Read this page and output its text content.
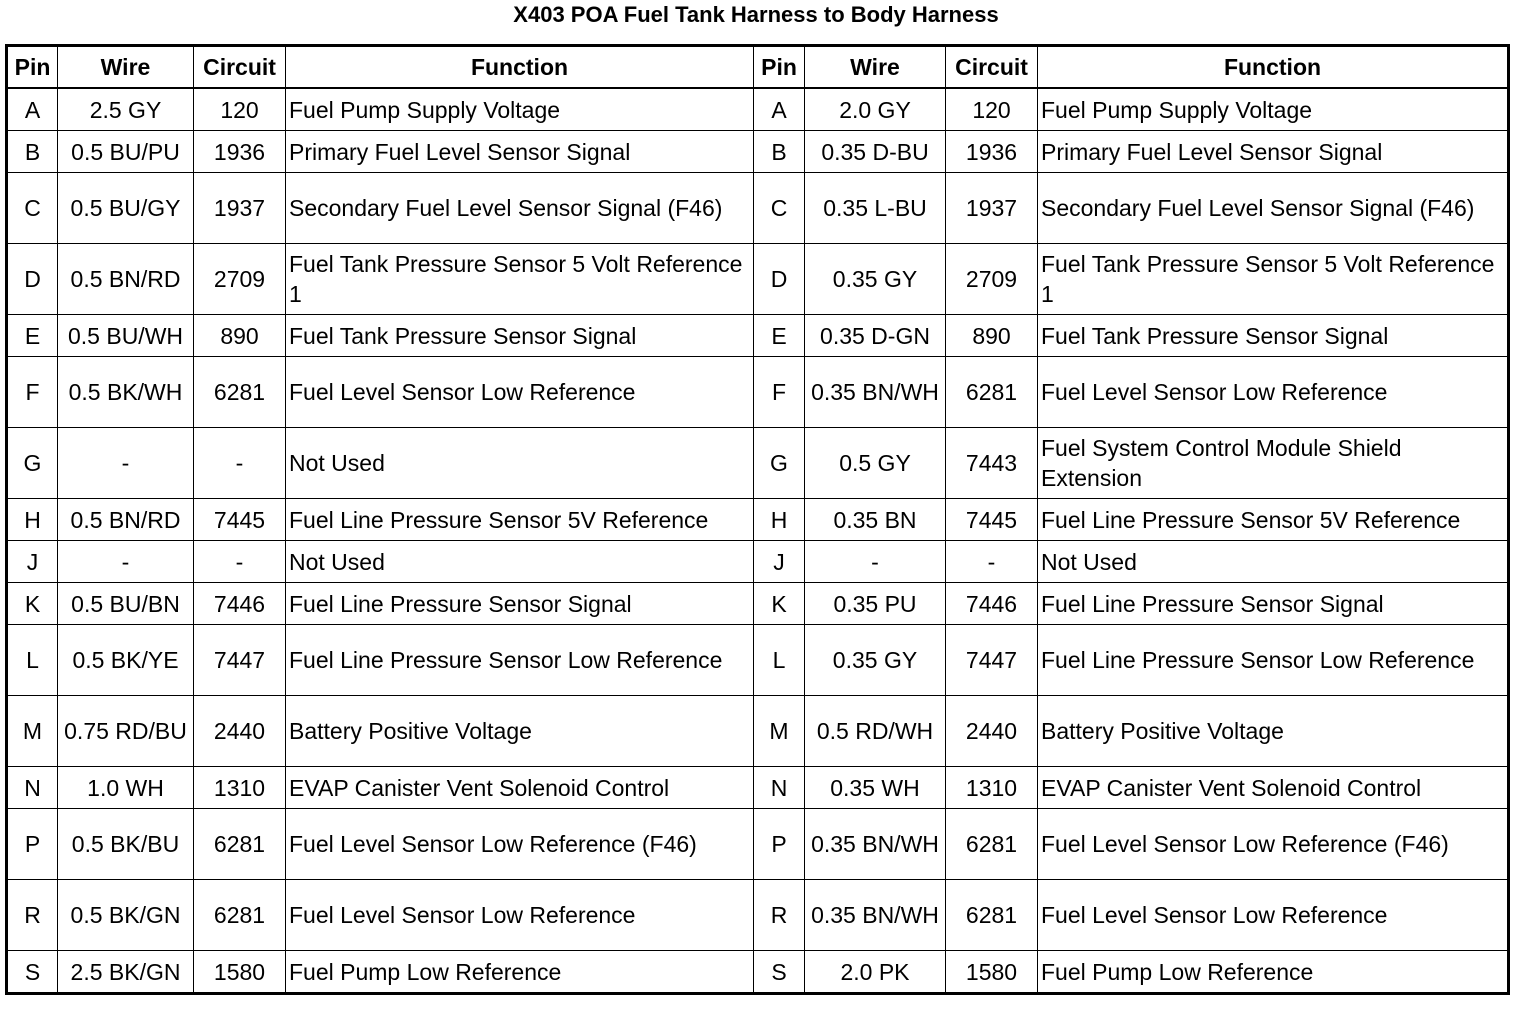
X403 POA Fuel Tank Harness to Body Harness
Pin	Wire	Circuit	Function	Pin	Wire	Circuit	Function
A	2.5 GY	120	Fuel Pump Supply Voltage	A	2.0 GY	120	Fuel Pump Supply Voltage
B	0.5 BU/PU	1936	Primary Fuel Level Sensor Signal	B	0.35 D-BU	1936	Primary Fuel Level Sensor Signal
C	0.5 BU/GY	1937	Secondary Fuel Level Sensor Signal (F46)	C	0.35 L-BU	1937	Secondary Fuel Level Sensor Signal (F46)
D	0.5 BN/RD	2709	Fuel Tank Pressure Sensor 5 Volt Reference 1	D	0.35 GY	2709	Fuel Tank Pressure Sensor 5 Volt Reference 1
E	0.5 BU/WH	890	Fuel Tank Pressure Sensor Signal	E	0.35 D-GN	890	Fuel Tank Pressure Sensor Signal
F	0.5 BK/WH	6281	Fuel Level Sensor Low Reference	F	0.35 BN/WH	6281	Fuel Level Sensor Low Reference
G	-	-	Not Used	G	0.5 GY	7443	Fuel System Control Module Shield Extension
H	0.5 BN/RD	7445	Fuel Line Pressure Sensor 5V Reference	H	0.35 BN	7445	Fuel Line Pressure Sensor 5V Reference
J	-	-	Not Used	J	-	-	Not Used
K	0.5 BU/BN	7446	Fuel Line Pressure Sensor Signal	K	0.35 PU	7446	Fuel Line Pressure Sensor Signal
L	0.5 BK/YE	7447	Fuel Line Pressure Sensor Low Reference	L	0.35 GY	7447	Fuel Line Pressure Sensor Low Reference
M	0.75 RD/BU	2440	Battery Positive Voltage	M	0.5 RD/WH	2440	Battery Positive Voltage
N	1.0 WH	1310	EVAP Canister Vent Solenoid Control	N	0.35 WH	1310	EVAP Canister Vent Solenoid Control
P	0.5 BK/BU	6281	Fuel Level Sensor Low Reference (F46)	P	0.35 BN/WH	6281	Fuel Level Sensor Low Reference (F46)
R	0.5 BK/GN	6281	Fuel Level Sensor Low Reference	R	0.35 BN/WH	6281	Fuel Level Sensor Low Reference
S	2.5 BK/GN	1580	Fuel Pump Low Reference	S	2.0 PK	1580	Fuel Pump Low Reference
